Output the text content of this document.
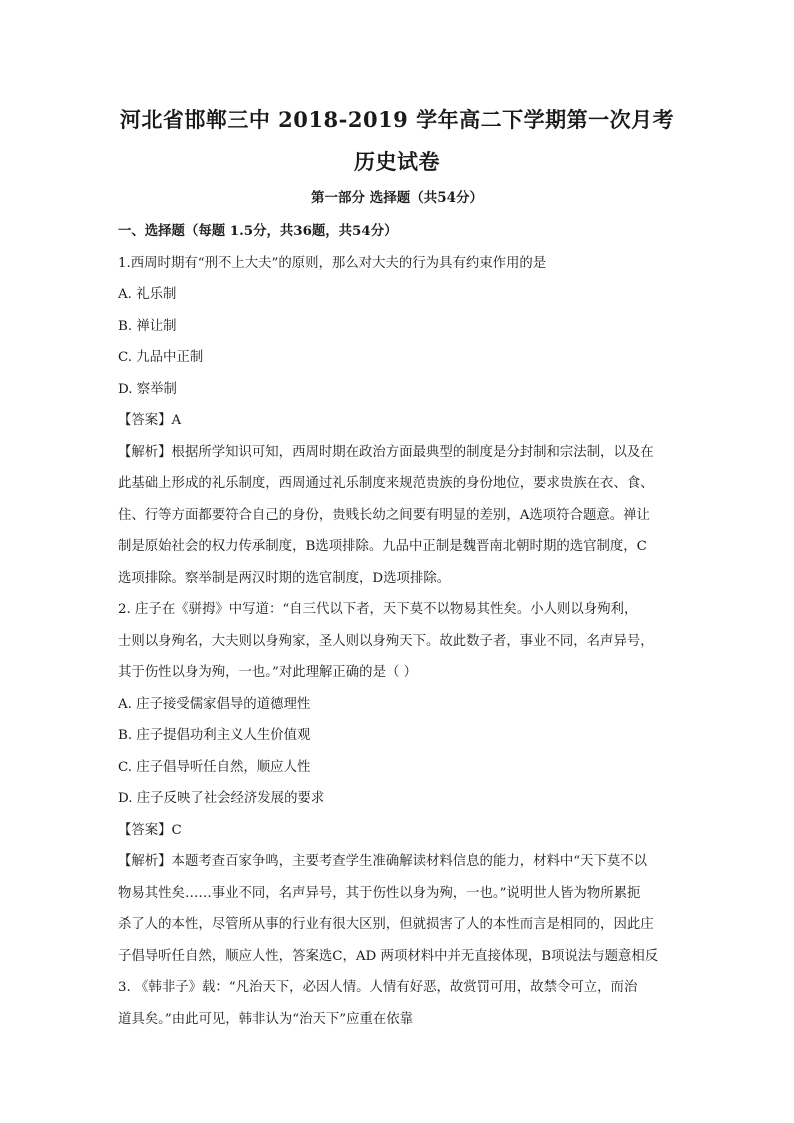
河北省邯郸三中 2018-2019 学年高二下学期第一次月考
历史试卷
第一部分 选择题（共54分）
一、选择题（每题 1.5分，共36题，共54分）
1.西周时期有“刑不上大夫”的原则，那么对大夫的行为具有约束作用的是
A. 礼乐制
B. 禅让制
C. 九品中正制
D. 察举制
【答案】A
【解析】根据所学知识可知，西周时期在政治方面最典型的制度是分封制和宗法制，以及在
此基础上形成的礼乐制度，西周通过礼乐制度来规范贵族的身份地位，要求贵族在衣、食、
住、行等方面都要符合自己的身份，贵贱长幼之间要有明显的差别，A选项符合题意。禅让
制是原始社会的权力传承制度，B选项排除。九品中正制是魏晋南北朝时期的选官制度，C
选项排除。察举制是两汉时期的选官制度，D选项排除。
2. 庄子在《骈拇》中写道：“自三代以下者，天下莫不以物易其性矣。小人则以身殉利，
士则以身殉名，大夫则以身殉家，圣人则以身殉天下。故此数子者，事业不同，名声异号，
其于伤性以身为殉，一也。”对此理解正确的是（ ）
A. 庄子接受儒家倡导的道德理性
B. 庄子提倡功利主义人生价值观
C. 庄子倡导听任自然，顺应人性
D. 庄子反映了社会经济发展的要求
【答案】C
【解析】本题考查百家争鸣，主要考查学生准确解读材料信息的能力，材料中“天下莫不以
物易其性矣……事业不同，名声异号，其于伤性以身为殉，一也。”说明世人皆为物所累扼
杀了人的本性，尽管所从事的行业有很大区别，但就损害了人的本性而言是相同的，因此庄
子倡导听任自然，顺应人性，答案选C，AD 两项材料中并无直接体现，B项说法与题意相反
3. 《韩非子》载：“凡治天下，必因人情。人情有好恶，故赏罚可用，故禁令可立，而治
道具矣。”由此可见，韩非认为“治天下”应重在依靠
